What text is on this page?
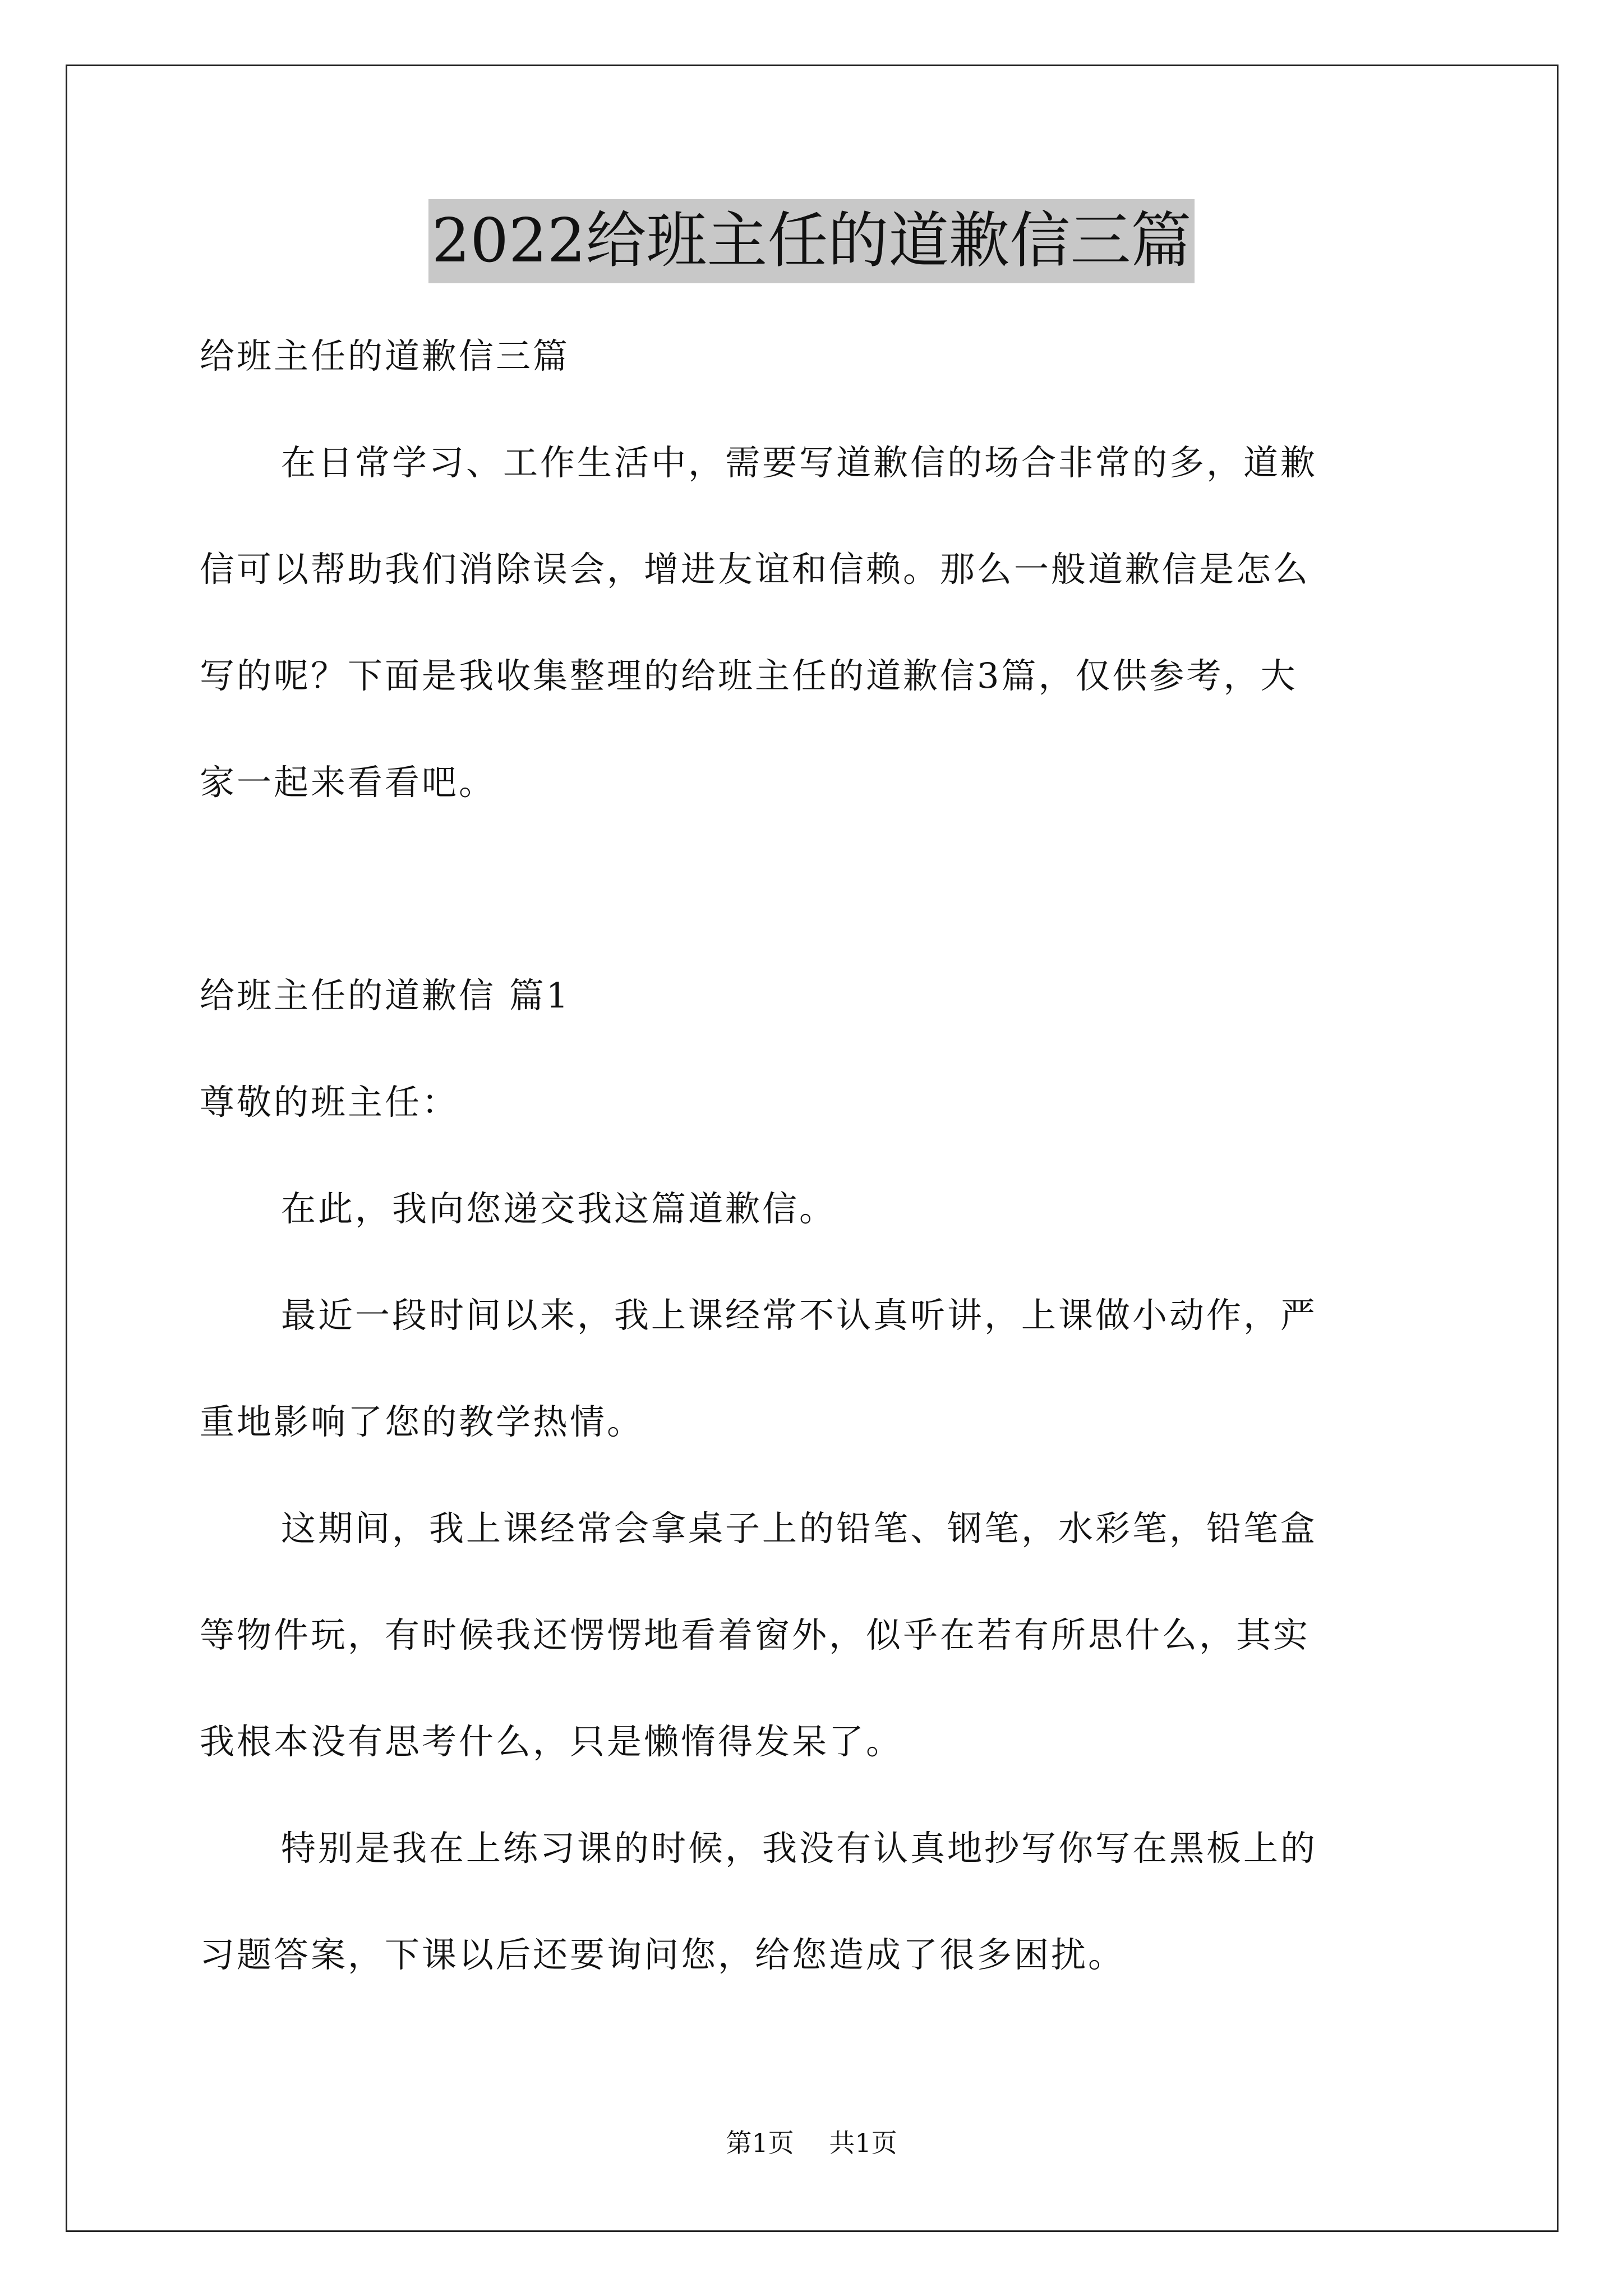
2022给班主任的道歉信三篇
给班主任的道歉信三篇
在日常学习、工作生活中，需要写道歉信的场合非常的多，道歉
信可以帮助我们消除误会，增进友谊和信赖。那么一般道歉信是怎么
写的呢？下面是我收集整理的给班主任的道歉信3篇，仅供参考，大
家一起来看看吧。
给班主任的道歉信 篇1
尊敬的班主任：
在此，我向您递交我这篇道歉信。
最近一段时间以来，我上课经常不认真听讲，上课做小动作，严
重地影响了您的教学热情。
这期间，我上课经常会拿桌子上的铅笔、钢笔，水彩笔，铅笔盒
等物件玩，有时候我还愣愣地看着窗外，似乎在若有所思什么，其实
我根本没有思考什么，只是懒惰得发呆了。
特别是我在上练习课的时候，我没有认真地抄写你写在黑板上的
习题答案，下课以后还要询问您，给您造成了很多困扰。
第1页 共1页
